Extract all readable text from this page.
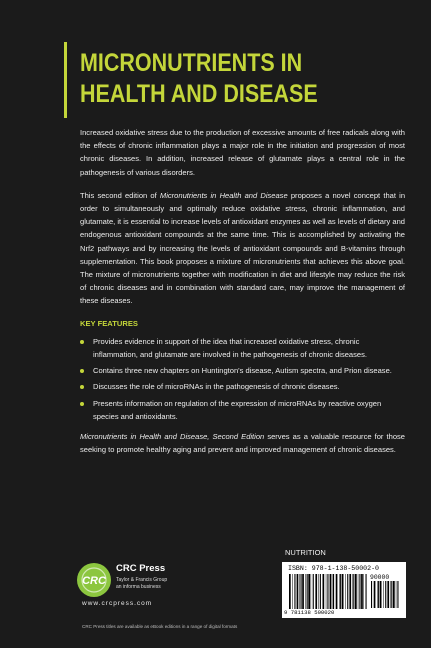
MICRONUTRIENTS IN
HEALTH AND DISEASE

Increased oxidative stress due to the production of excessive amounts of free radicals along with the effects of chronic inflammation plays a major role in the initiation and progression of most chronic diseases. In addition, increased release of glutamate plays a central role in the pathogenesis of various disorders.

This second edition of Micronutrients in Health and Disease proposes a novel concept that in order to simultaneously and optimally reduce oxidative stress, chronic inflammation, and glutamate, it is essential to increase levels of antioxidant enzymes as well as levels of dietary and endogenous antioxidant compounds at the same time. This is accomplished by activating the Nrf2 pathways and by increasing the levels of antioxidant compounds and B-vitamins through supplementation. This book proposes a mixture of micronutrients that achieves this above goal. The mixture of micronutrients together with modification in diet and lifestyle may reduce the risk of chronic diseases and in combination with standard care, may improve the management of these diseases.

KEY FEATURES
Provides evidence in support of the idea that increased oxidative stress, chronic inflammation, and glutamate are involved in the pathogenesis of chronic diseases.
Contains three new chapters on Huntington's disease, Autism spectra, and Prion disease.
Discusses the role of microRNAs in the pathogenesis of chronic diseases.
Presents information on regulation of the expression of microRNAs by reactive oxygen species and antioxidants.

Micronutrients in Health and Disease, Second Edition serves as a valuable resource for those seeking to promote healthy aging and prevent and improved management of chronic diseases.

CRC
CRC Press
Taylor & Francis Group
an informa business
www.crcpress.com
CRC Press titles are available as eBook editions in a range of digital formats
NUTRITION
ISBN: 978-1-138-50002-0
90000
9 781138 500020
